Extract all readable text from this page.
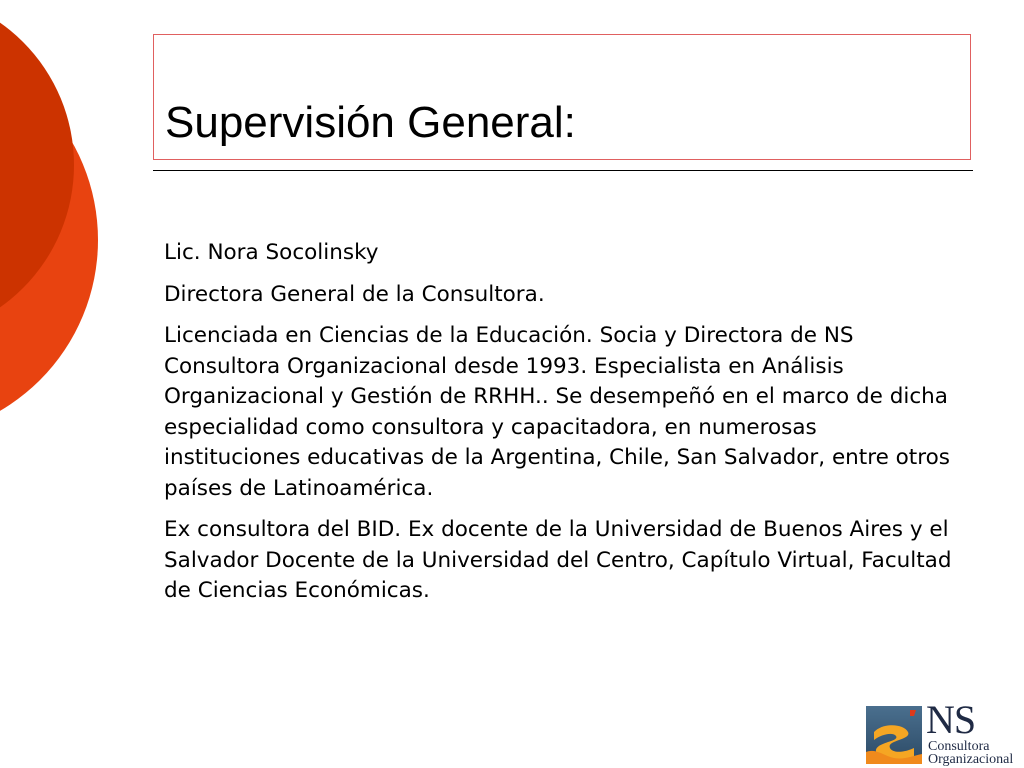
Supervisión General:

Lic. Nora Socolinsky

Directora General de la Consultora.

Licenciada en Ciencias de la Educación. Socia y Directora de NS Consultora Organizacional desde 1993. Especialista en Análisis Organizacional y Gestión de RRHH.. Se desempeñó en el marco de dicha especialidad como consultora y capacitadora, en numerosas instituciones educativas de la Argentina, Chile, San Salvador, entre otros países de Latinoamérica.

Ex consultora del BID. Ex docente de la Universidad de Buenos Aires y el Salvador Docente de la Universidad del Centro, Capítulo Virtual, Facultad de Ciencias Económicas.

NS
Consultora
Organizacional
